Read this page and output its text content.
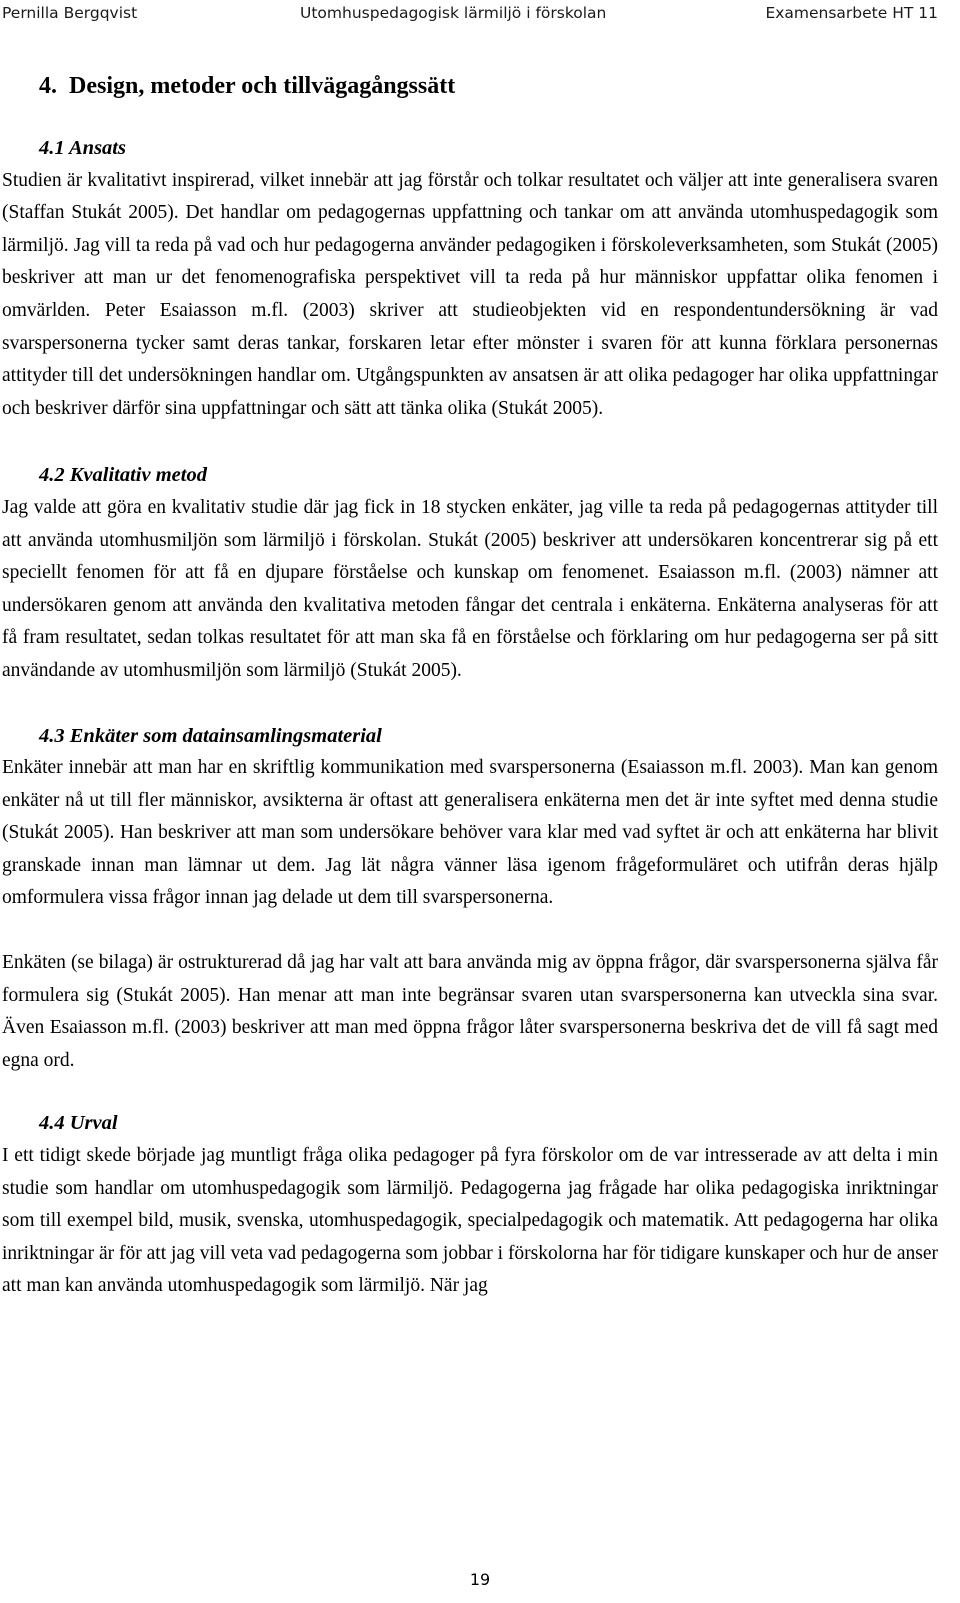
Pernilla Bergqvist	Utomhuspedagogisk lärmiljö i förskolan	Examensarbete HT 11
4.  Design, metoder och tillvägagångssätt
4.1 Ansats

Studien är kvalitativt inspirerad, vilket innebär att jag förstår och tolkar resultatet och väljer att inte generalisera svaren (Staffan Stukát 2005). Det handlar om pedagogernas uppfattning och tankar om att använda utomhuspedagogik som lärmiljö. Jag vill ta reda på vad och hur pedagogerna använder pedagogiken i förskoleverksamheten, som Stukát (2005) beskriver att man ur det fenomenografiska perspektivet vill ta reda på hur människor uppfattar olika fenomen i omvärlden. Peter Esaiasson m.fl. (2003) skriver att studieobjekten vid en respondentundersökning är vad svarspersonerna tycker samt deras tankar, forskaren letar efter mönster i svaren för att kunna förklara personernas attityder till det undersökningen handlar om. Utgångspunkten av ansatsen är att olika pedagoger har olika uppfattningar och beskriver därför sina uppfattningar och sätt att tänka olika (Stukát 2005).

4.2 Kvalitativ metod

Jag valde att göra en kvalitativ studie där jag fick in 18 stycken enkäter, jag ville ta reda på pedagogernas attityder till att använda utomhusmiljön som lärmiljö i förskolan. Stukát (2005) beskriver att undersökaren koncentrerar sig på ett speciellt fenomen för att få en djupare förståelse och kunskap om fenomenet. Esaiasson m.fl. (2003) nämner att undersökaren genom att använda den kvalitativa metoden fångar det centrala i enkäterna. Enkäterna analyseras för att få fram resultatet, sedan tolkas resultatet för att man ska få en förståelse och förklaring om hur pedagogerna ser på sitt användande av utomhusmiljön som lärmiljö (Stukát 2005).

4.3 Enkäter som datainsamlingsmaterial

Enkäter innebär att man har en skriftlig kommunikation med svarspersonerna (Esaiasson m.fl. 2003). Man kan genom enkäter nå ut till fler människor, avsikterna är oftast att generalisera enkäterna men det är inte syftet med denna studie (Stukát 2005). Han beskriver att man som undersökare behöver vara klar med vad syftet är och att enkäterna har blivit granskade innan man lämnar ut dem. Jag lät några vänner läsa igenom frågeformuläret och utifrån deras hjälp omformulera vissa frågor innan jag delade ut dem till svarspersonerna.

Enkäten (se bilaga) är ostrukturerad då jag har valt att bara använda mig av öppna frågor, där svarspersonerna själva får formulera sig (Stukát 2005). Han menar att man inte begränsar svaren utan svarspersonerna kan utveckla sina svar. Även Esaiasson m.fl. (2003) beskriver att man med öppna frågor låter svarspersonerna beskriva det de vill få sagt med egna ord.

4.4 Urval

I ett tidigt skede började jag muntligt fråga olika pedagoger på fyra förskolor om de var intresserade av att delta i min studie som handlar om utomhuspedagogik som lärmiljö. Pedagogerna jag frågade har olika pedagogiska inriktningar som till exempel bild, musik, svenska, utomhuspedagogik, specialpedagogik och matematik. Att pedagogerna har olika inriktningar är för att jag vill veta vad pedagogerna som jobbar i förskolorna har för tidigare kunskaper och hur de anser att man kan använda utomhuspedagogik som lärmiljö. När jag

19
